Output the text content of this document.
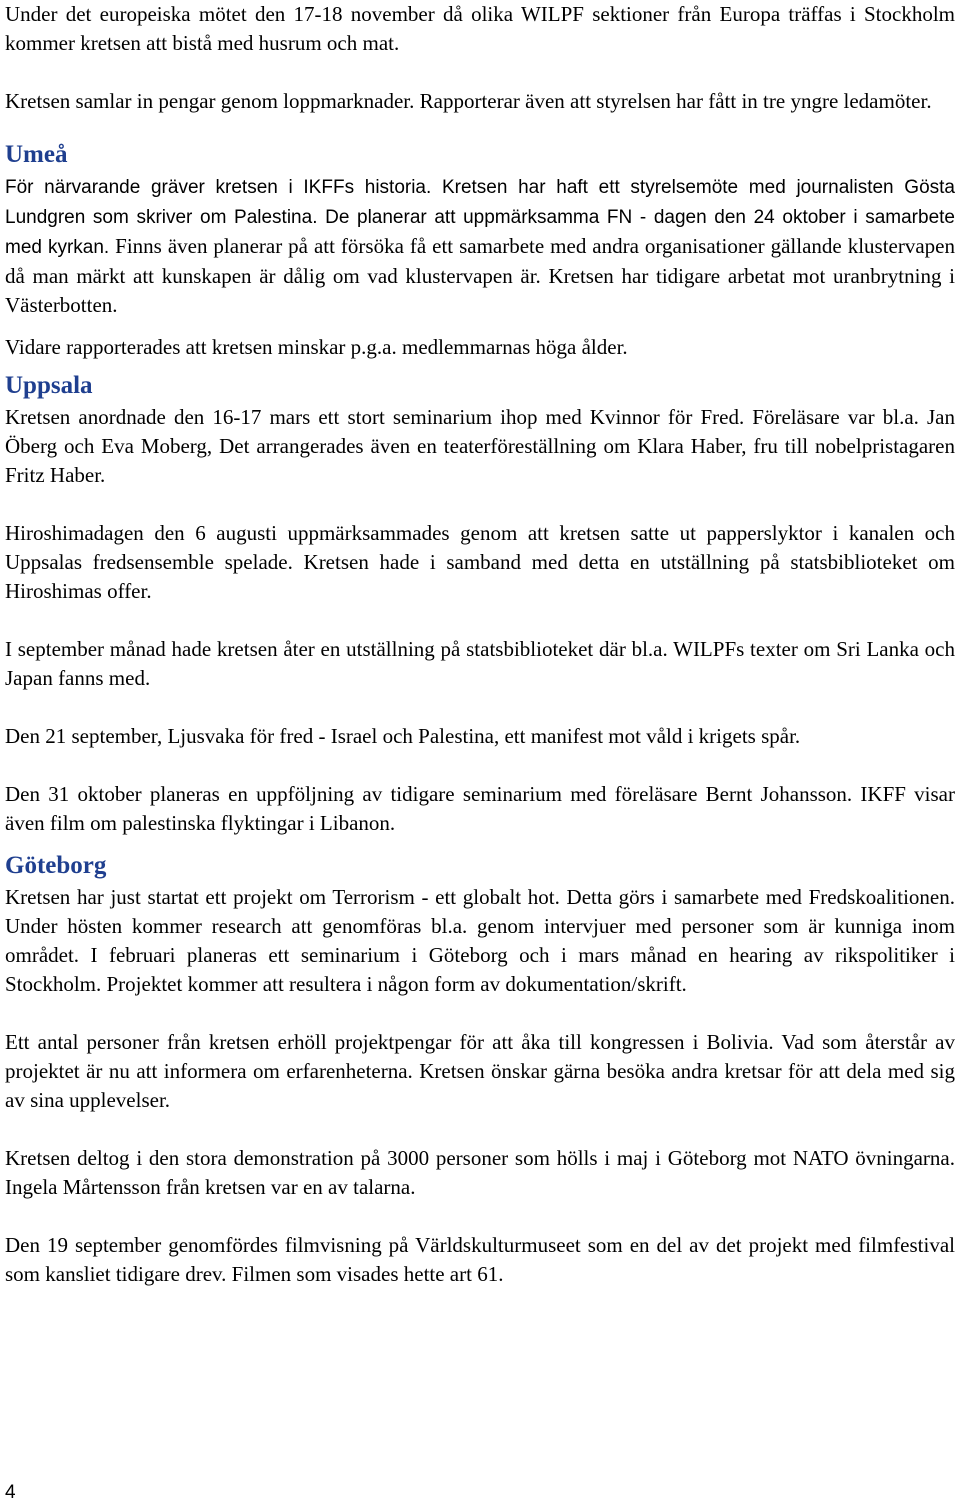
Under det europeiska mötet den 17-18 november då olika WILPF sektioner från Europa träffas i Stockholm kommer kretsen att bistå med husrum och mat.

Kretsen samlar in pengar genom loppmarknader. Rapporterar även att styrelsen har fått in tre yngre ledamöter.

Umeå

För närvarande gräver kretsen i IKFFs historia. Kretsen har haft ett styrelsemöte med journalisten Gösta Lundgren som skriver om Palestina. De planerar att uppmärksamma FN - dagen den 24 oktober i samarbete med kyrkan. Finns även planerar på att försöka få ett samarbete med andra organisationer gällande klustervapen då man märkt att kunskapen är dålig om vad klustervapen är. Kretsen har tidigare arbetat mot uranbrytning i Västerbotten.

Vidare rapporterades att kretsen minskar p.g.a. medlemmarnas höga ålder.

Uppsala

Kretsen anordnade den 16-17 mars ett stort seminarium ihop med Kvinnor för Fred. Föreläsare var bl.a. Jan Öberg och Eva Moberg, Det arrangerades även en teaterföreställning om Klara Haber, fru till nobelpristagaren Fritz Haber.

Hiroshimadagen den 6 augusti uppmärksammades genom att kretsen satte ut papperslyktor i kanalen och Uppsalas fredsensemble spelade. Kretsen hade i samband med detta en utställning på statsbiblioteket om Hiroshimas offer.

I september månad hade kretsen åter en utställning på statsbiblioteket där bl.a. WILPFs texter om Sri Lanka och Japan fanns med.

Den 21 september, Ljusvaka för fred - Israel och Palestina, ett manifest mot våld i krigets spår.

Den 31 oktober planeras en uppföljning av tidigare seminarium med föreläsare Bernt Johansson. IKFF visar även film om palestinska flyktingar i Libanon.

Göteborg

Kretsen har just startat ett projekt om Terrorism - ett globalt hot. Detta görs i samarbete med Fredskoalitionen. Under hösten kommer research att genomföras bl.a. genom intervjuer med personer som är kunniga inom området. I februari planeras ett seminarium i Göteborg och i mars månad en hearing av rikspolitiker i Stockholm. Projektet kommer att resultera i någon form av dokumentation/skrift.

Ett antal personer från kretsen erhöll projektpengar för att åka till kongressen i Bolivia. Vad som återstår av projektet är nu att informera om erfarenheterna. Kretsen önskar gärna besöka andra kretsar för att dela med sig av sina upplevelser.

Kretsen deltog i den stora demonstration på 3000 personer som hölls i maj i Göteborg mot NATO övningarna. Ingela Mårtensson från kretsen var en av talarna.

Den 19 september genomfördes filmvisning på Världskulturmuseet som en del av det projekt med filmfestival som kansliet tidigare drev. Filmen som visades hette art 61.

4
